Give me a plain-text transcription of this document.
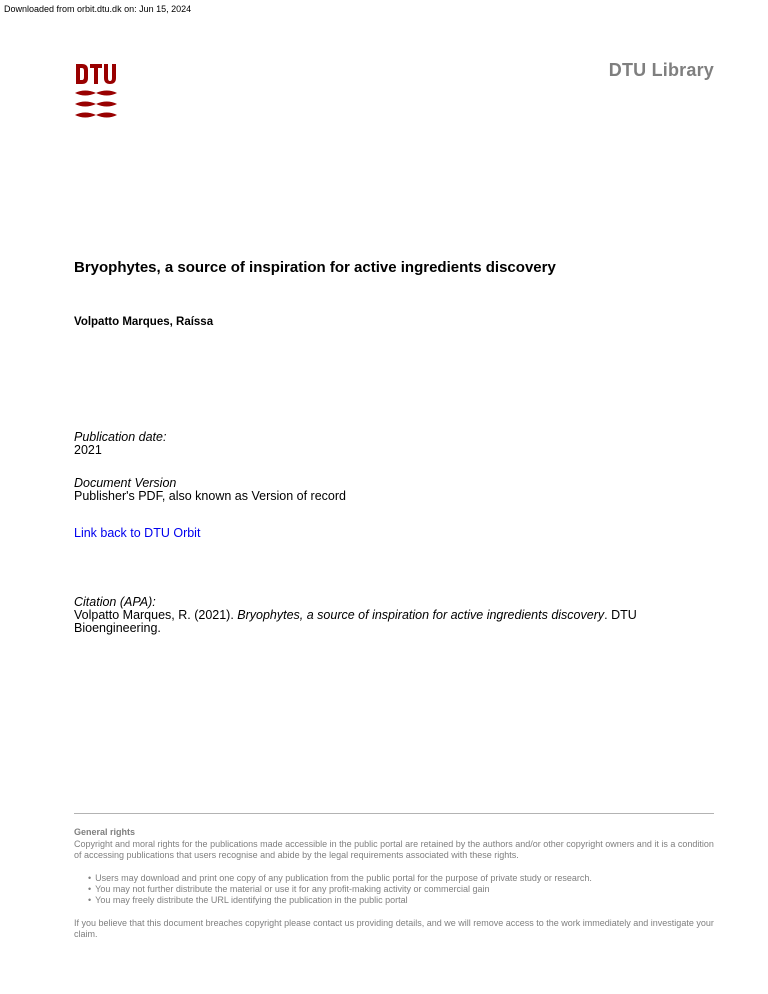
Downloaded from orbit.dtu.dk on: Jun 15, 2024
DTU Library
Bryophytes, a source of inspiration for active ingredients discovery
Volpatto Marques, Raíssa
Publication date:
2021
Document Version
Publisher's PDF, also known as Version of record
Link back to DTU Orbit
Citation (APA):
Volpatto Marques, R. (2021). Bryophytes, a source of inspiration for active ingredients discovery. DTU Bioengineering.
General rights
Copyright and moral rights for the publications made accessible in the public portal are retained by the authors and/or other copyright owners and it is a condition of accessing publications that users recognise and abide by the legal requirements associated with these rights.
• Users may download and print one copy of any publication from the public portal for the purpose of private study or research.
• You may not further distribute the material or use it for any profit-making activity or commercial gain
• You may freely distribute the URL identifying the publication in the public portal
If you believe that this document breaches copyright please contact us providing details, and we will remove access to the work immediately and investigate your claim.
